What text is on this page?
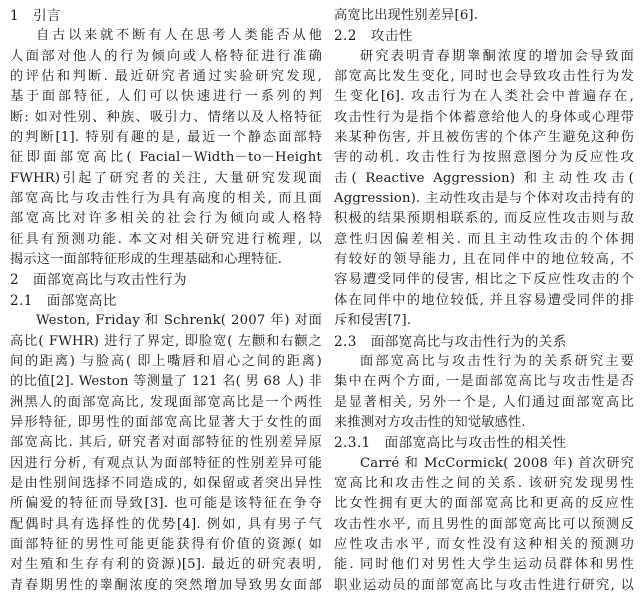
1　引言
自古以来就不断有人在思考人类能否从他
人面部对他人的行为倾向或人格特征进行准确
的评估和判断. 最近研究者通过实验研究发现,
基于面部特征, 人们可以快速进行一系列的判
断: 如对性别、种族、吸引力、情绪以及人格特征
的判断[1]. 特别有趣的是, 最近一个静态面部特
征即面部宽高比( Facial－Width－to－Height
FWHR)引起了研究者的关注, 大量研究发现面
部宽高比与攻击性行为具有高度的相关, 而且面
部宽高比对许多相关的社会行为倾向或人格特
征具有预测功能. 本文对相关研究进行梳理, 以
揭示这一面部特征形成的生理基础和心理特征.
2　面部宽高比与攻击性行为
2.1　面部宽高比
Weston, Friday 和 Schrenk( 2007 年) 对面
高比( FWHR) 进行了界定, 即脸宽( 左颧和右颧之
间的距离) 与脸高( 即上嘴唇和眉心之间的距离)
的比值[2]. Weston 等测量了 121 名( 男 68 人) 非
洲黑人的面部宽高比, 发现面部宽高比是一个两性
异形特征, 即男性的面部宽高比显著大于女性的面
部宽高比. 其后, 研究者对面部特征的性别差异原
因进行分析, 有观点认为面部特征的性别差异可能
是由性别间选择不同造成的, 如保留或者突出异性
所偏爱的特征而导致[3]. 也可能是该特征在争夺
配偶时具有选择性的优势[4]. 例如, 具有男子气
面部特征的男性可能更能获得有价值的资源( 如
对生殖和生存有利的资源)[5]. 最近的研究表明,
青春期男性的睾酮浓度的突然增加导致男女面部
高宽比出现性别差异[6].
2.2　攻击性
研究表明青春期睾酮浓度的增加会导致面
部宽高比发生变化, 同时也会导致攻击性行为发
生变化[6]. 攻击行为在人类社会中普遍存在,
攻击性行为是指个体蓄意给他人的身体或心理带
来某种伤害, 并且被伤害的个体产生避免这种伤
害的动机. 攻击性行为按照意图分为反应性攻
击( Reactive Aggression) 和主动性攻击(
Aggression). 主动性攻击是与个体对攻击持有的
积极的结果预期相联系的, 而反应性攻击则与敌
意性归因偏差相关. 而且主动性攻击的个体拥
有较好的领导能力, 且在同伴中的地位较高, 不
容易遭受同伴的侵害, 相比之下反应性攻击的个
体在同伴中的地位较低, 并且容易遭受同伴的排
斥和侵害[7].
2.3　面部宽高比与攻击性行为的关系
面部宽高比与攻击性行为的关系研究主要
集中在两个方面, 一是面部宽高比与攻击性是否
是显著相关, 另外一个是, 人们通过面部宽高比
来推测对方攻击性的知觉敏感性.
2.3.1　面部宽高比与攻击性的相关性
Carré 和 McCormick( 2008 年) 首次研究
宽高比和攻击性之间的关系. 该研究发现男性
比女性拥有更大的面部宽高比和更高的反应性
攻击性水平, 而且男性的面部宽高比可以预测反
应性攻击水平, 而女性没有这种相关的预测功
能. 同时他们对男性大学生运动员群体和男性
职业运动员的面部宽高比与攻击性进行研究, 以
